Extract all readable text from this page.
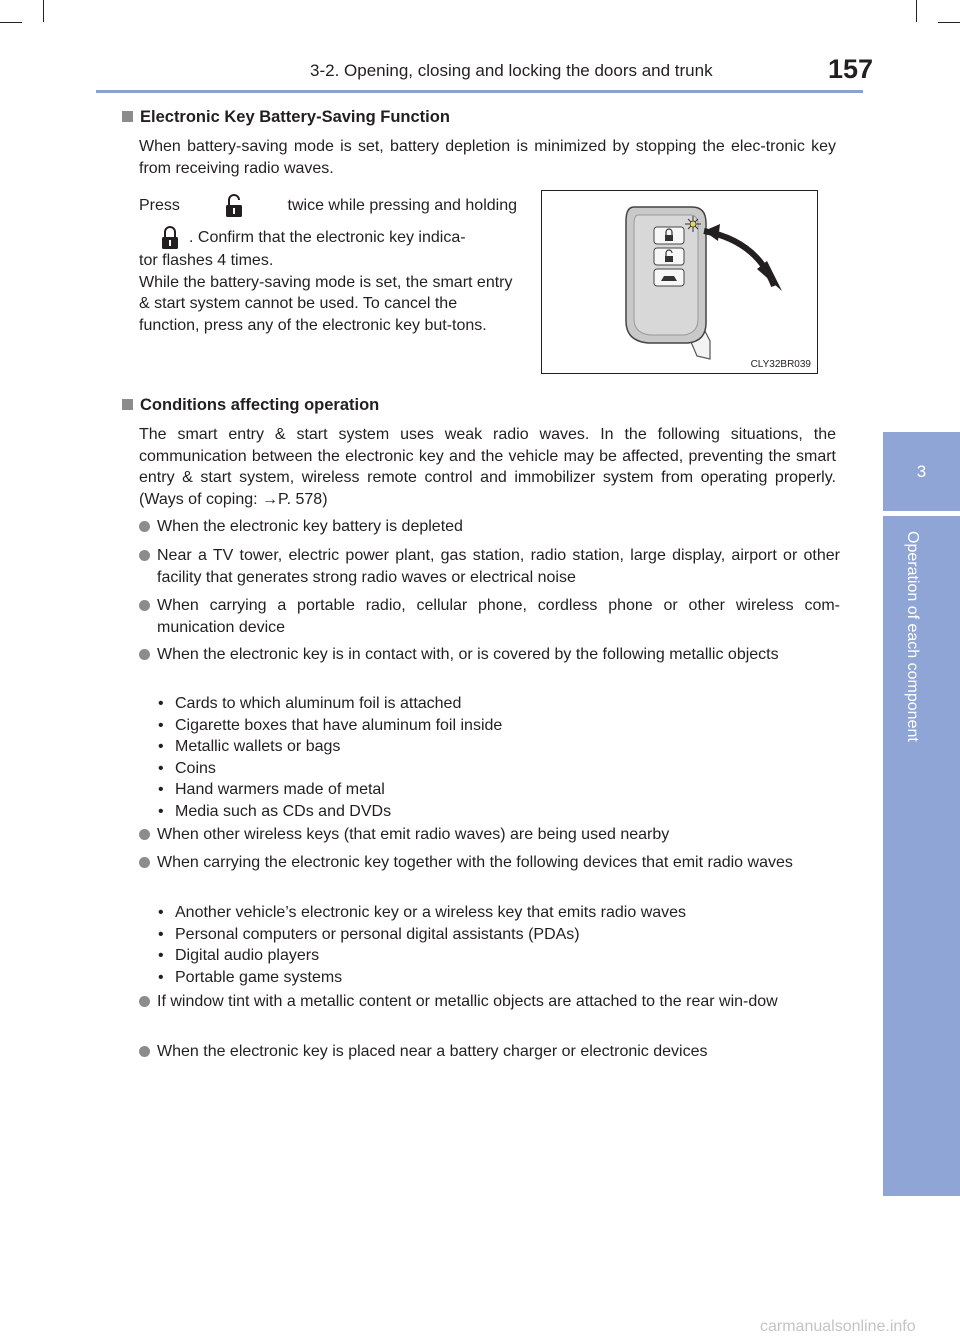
3-2. Opening, closing and locking the doors and trunk	157
3
Operation of each component
Electronic Key Battery-Saving Function
When battery-saving mode is set, battery depletion is minimized by stopping the elec-tronic key from receiving radio waves.
Press	twice while pressing and holding
. Confirm that the electronic key indica-
tor flashes 4 times.
While the battery-saving mode is set, the smart entry & start system cannot be used. To cancel the function, press any of the electronic key but-tons.
CLY32BR039
Conditions affecting operation
The smart entry & start system uses weak radio waves. In the following situations, the communication between the electronic key and the vehicle may be affected, preventing the smart entry & start system, wireless remote control and immobilizer system from operating properly. (Ways of coping: →P. 578)
When the electronic key battery is depleted
Near a TV tower, electric power plant, gas station, radio station, large display, airport or other facility that generates strong radio waves or electrical noise
When carrying a portable radio, cellular phone, cordless phone or other wireless com-munication device
When the electronic key is in contact with, or is covered by the following metallic objects
• Cards to which aluminum foil is attached
• Cigarette boxes that have aluminum foil inside
• Metallic wallets or bags
• Coins
• Hand warmers made of metal
• Media such as CDs and DVDs
When other wireless keys (that emit radio waves) are being used nearby
When carrying the electronic key together with the following devices that emit radio waves
• Another vehicle’s electronic key or a wireless key that emits radio waves
• Personal computers or personal digital assistants (PDAs)
• Digital audio players
• Portable game systems
If window tint with a metallic content or metallic objects are attached to the rear win-dow
When the electronic key is placed near a battery charger or electronic devices
carmanualsonline.info
